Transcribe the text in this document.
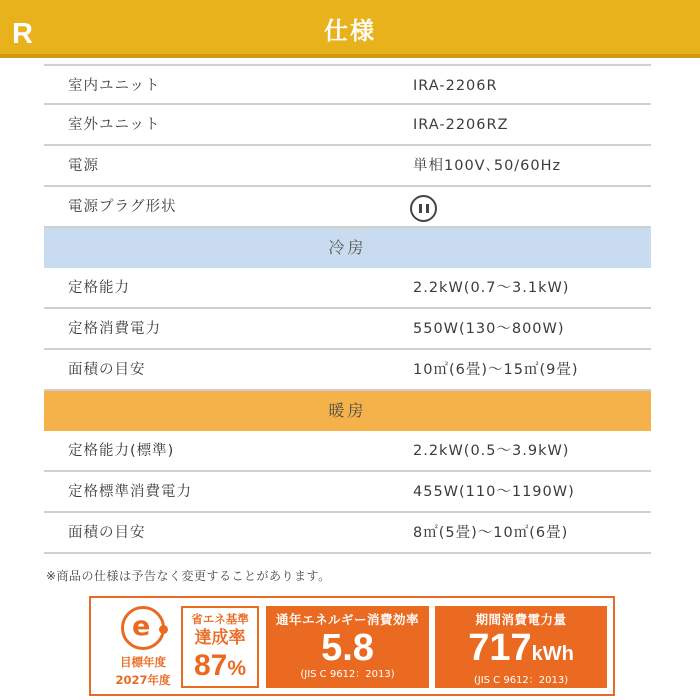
R	仕様
室内ユニット	IRA-2206R
室外ユニット	IRA-2206RZ
電源	単相100V､50/60Hz
電源プラグ形状
冷房
定格能力	2.2kW(0.7～3.1kW)
定格消費電力	550W(130～800W)
面積の目安	10㎡(6畳)～15㎡(9畳)
暖房
定格能力(標準)	2.2kW(0.5～3.9kW)
定格標準消費電力	455W(110～1190W)
面積の目安	8㎡(5畳)～10㎡(6畳)
※商品の仕様は予告なく変更することがあります。
e
目標年度
2027年度
省エネ基準
達成率
87%
通年エネルギー消費効率
5.8
(JIS C 9612：2013)
期間消費電力量
717kWh
(JIS C 9612：2013)
